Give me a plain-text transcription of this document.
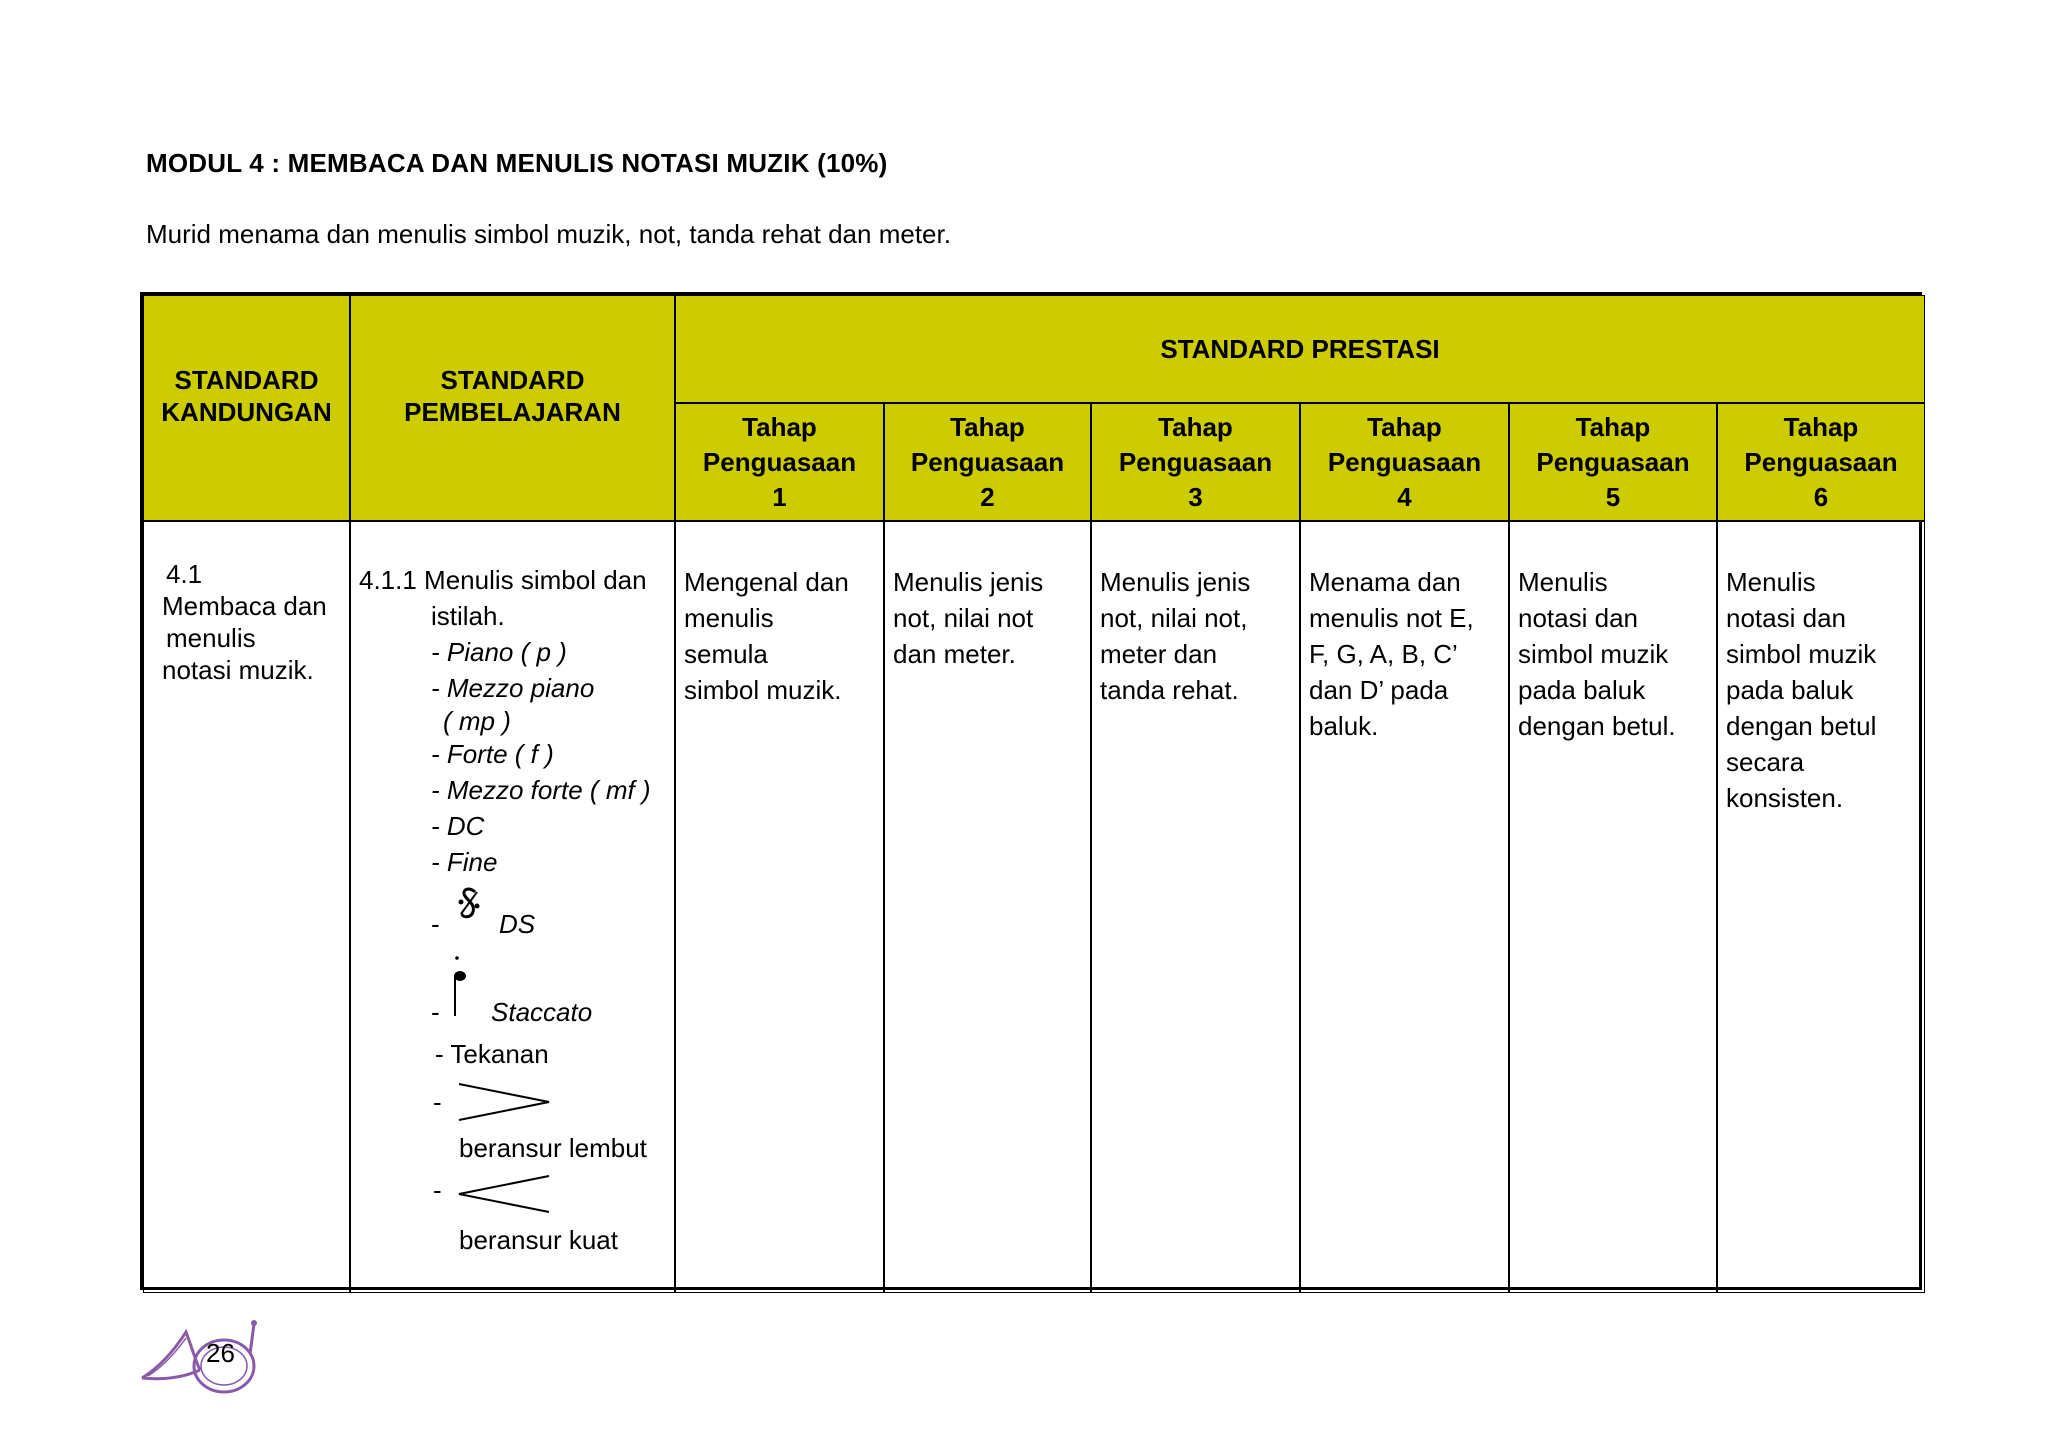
MODUL 4 : MEMBACA DAN MENULIS NOTASI MUZIK (10%)
Murid menama dan menulis simbol muzik, not, tanda rehat dan meter.
STANDARD
KANDUNGAN
STANDARD
PEMBELAJARAN
STANDARD PRESTASI
Tahap
Penguasaan
1
Tahap
Penguasaan
2
Tahap
Penguasaan
3
Tahap
Penguasaan
4
Tahap
Penguasaan
5
Tahap
Penguasaan
6
4.1
Membaca dan
menulis
notasi muzik.
4.1.1 Menulis simbol dan
istilah.
- Piano ( p )
- Mezzo piano
( mp )
- Forte ( f )
- Mezzo forte ( mf )
- DC
- Fine
- DS
- Staccato
- Tekanan
-
beransur lembut
-
beransur kuat
Mengenal dan
menulis
semula
simbol muzik.
Menulis jenis
not, nilai not
dan meter.
Menulis jenis
not, nilai not,
meter dan
tanda rehat.
Menama dan
menulis not E,
F, G, A, B, C’
dan D’ pada
baluk.
Menulis
notasi dan
simbol muzik
pada baluk
dengan betul.
Menulis
notasi dan
simbol muzik
pada baluk
dengan betul
secara
konsisten.
26
